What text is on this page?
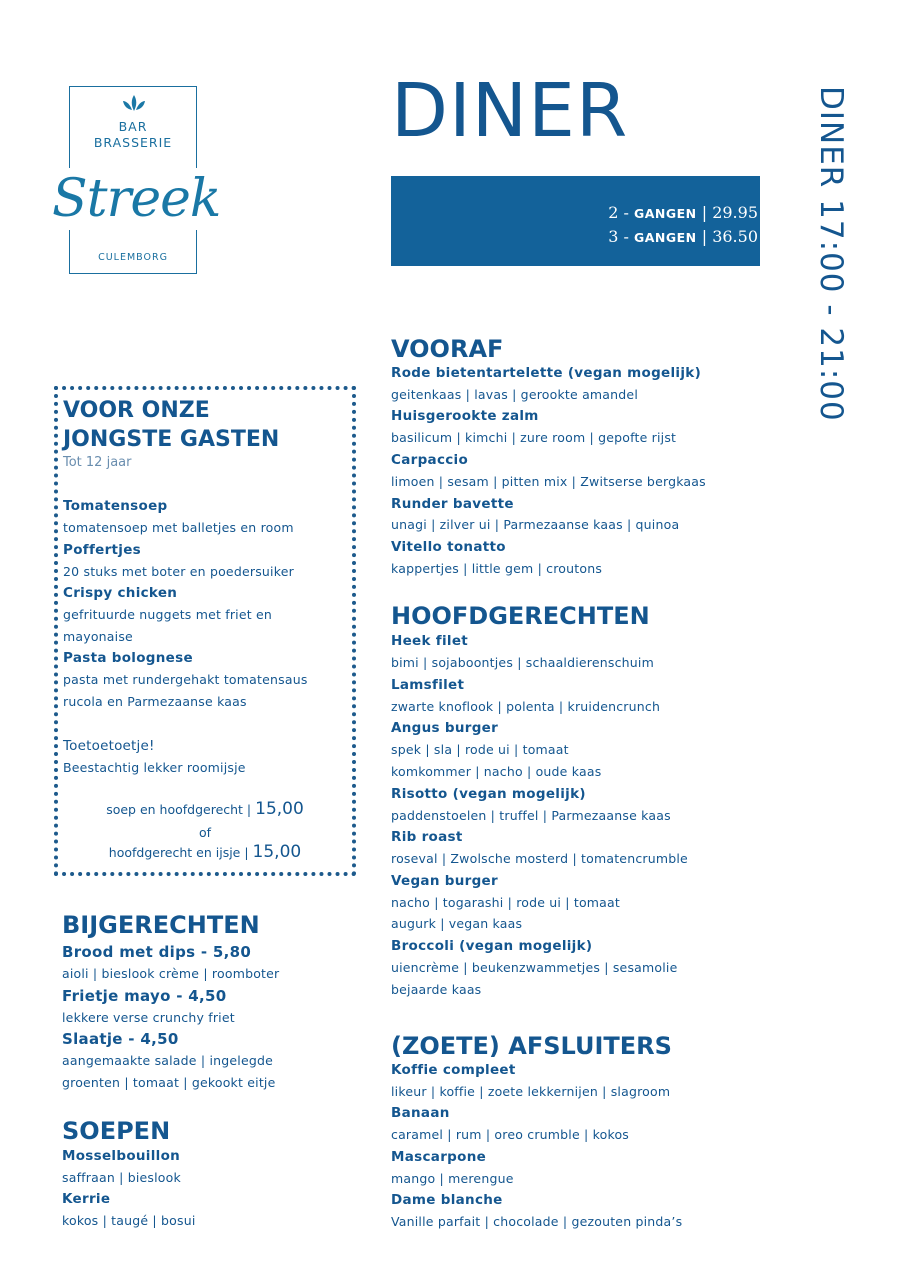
BAR
BRASSERIE
CULEMBORG
Streek
DINER
2 - GANGEN | 29.95
3 - GANGEN | 36.50 DINER 17:00 - 21:00
VOOR ONZE
JONGSTE GASTEN
Tot 12 jaar
Tomatensoep
tomatensoep met balletjes en room
Poffertjes
20 stuks met boter en poedersuiker
Crispy chicken
gefrituurde nuggets met friet en
mayonaise
Pasta bolognese
pasta met rundergehakt tomatensaus
rucola en Parmezaanse kaas
Toetoetoetje!
Beestachtig lekker roomijsje
soep en hoofdgerecht | 15,00
of
hoofdgerecht en ijsje | 15,00
BIJGERECHTEN
Brood met dips - 5,80
aioli | bieslook crème | roomboter
Frietje mayo - 4,50
lekkere verse crunchy friet
Slaatje - 4,50
aangemaakte salade | ingelegde
groenten | tomaat | gekookt eitje
SOEPEN
Mosselbouillon
saffraan | bieslook
Kerrie
kokos | taugé | bosui
VOORAF
Rode bietentartelette (vegan mogelijk)
geitenkaas | lavas | gerookte amandel
Huisgerookte zalm
basilicum | kimchi | zure room | gepofte rijst
Carpaccio
limoen | sesam | pitten mix | Zwitserse bergkaas
Runder bavette
unagi | zilver ui | Parmezaanse kaas | quinoa
Vitello tonatto
kappertjes | little gem | croutons
HOOFDGERECHTEN
Heek filet
bimi | sojaboontjes | schaaldierenschuim
Lamsfilet
zwarte knoflook | polenta | kruidencrunch
Angus burger
spek | sla | rode ui | tomaat
komkommer | nacho | oude kaas
Risotto (vegan mogelijk)
paddenstoelen | truffel | Parmezaanse kaas
Rib roast
roseval | Zwolsche mosterd | tomatencrumble
Vegan burger
nacho | togarashi | rode ui | tomaat
augurk | vegan kaas
Broccoli (vegan mogelijk)
uiencrème | beukenzwammetjes | sesamolie
bejaarde kaas
(ZOETE) AFSLUITERS
Koffie compleet
likeur | koffie | zoete lekkernijen | slagroom
Banaan
caramel | rum | oreo crumble | kokos
Mascarpone
mango | merengue
Dame blanche
Vanille parfait | chocolade | gezouten pinda’s
